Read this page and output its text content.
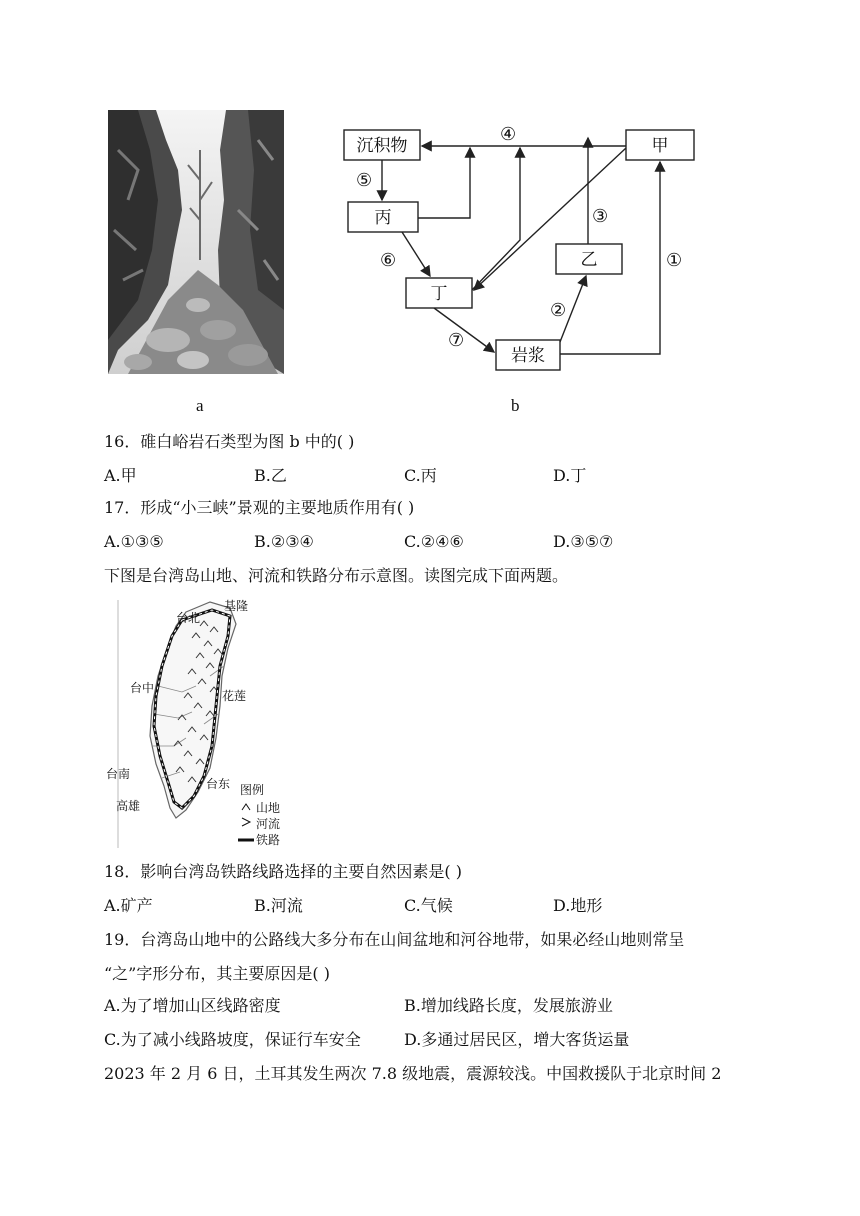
a
沉积物	甲
丙
乙
丁
岩浆
④
⑤
③
①
⑥
②
⑦
b
16．碓白峪岩石类型为图 b 中的( )
A.甲	B.乙	C.丙	D.丁
17．形成“小三峡”景观的主要地质作用有( )
A.①③⑤	B.②③④	C.②④⑥	D.③⑤⑦
下图是台湾岛山地、河流和铁路分布示意图。读图完成下面两题。
台北
基隆
台中
花莲
台南
台东
高雄
图例
山地
河流
铁路
18．影响台湾岛铁路线路选择的主要自然因素是( )
A.矿产	B.河流	C.气候	D.地形
19．台湾岛山地中的公路线大多分布在山间盆地和河谷地带，如果必经山地则常呈
“之”字形分布，其主要原因是( )
A.为了增加山区线路密度	B.增加线路长度，发展旅游业
C.为了减小线路坡度，保证行车安全	D.多通过居民区，增大客货运量
2023 年 2 月 6 日，土耳其发生两次 7.8 级地震，震源较浅。中国救援队于北京时间 2
